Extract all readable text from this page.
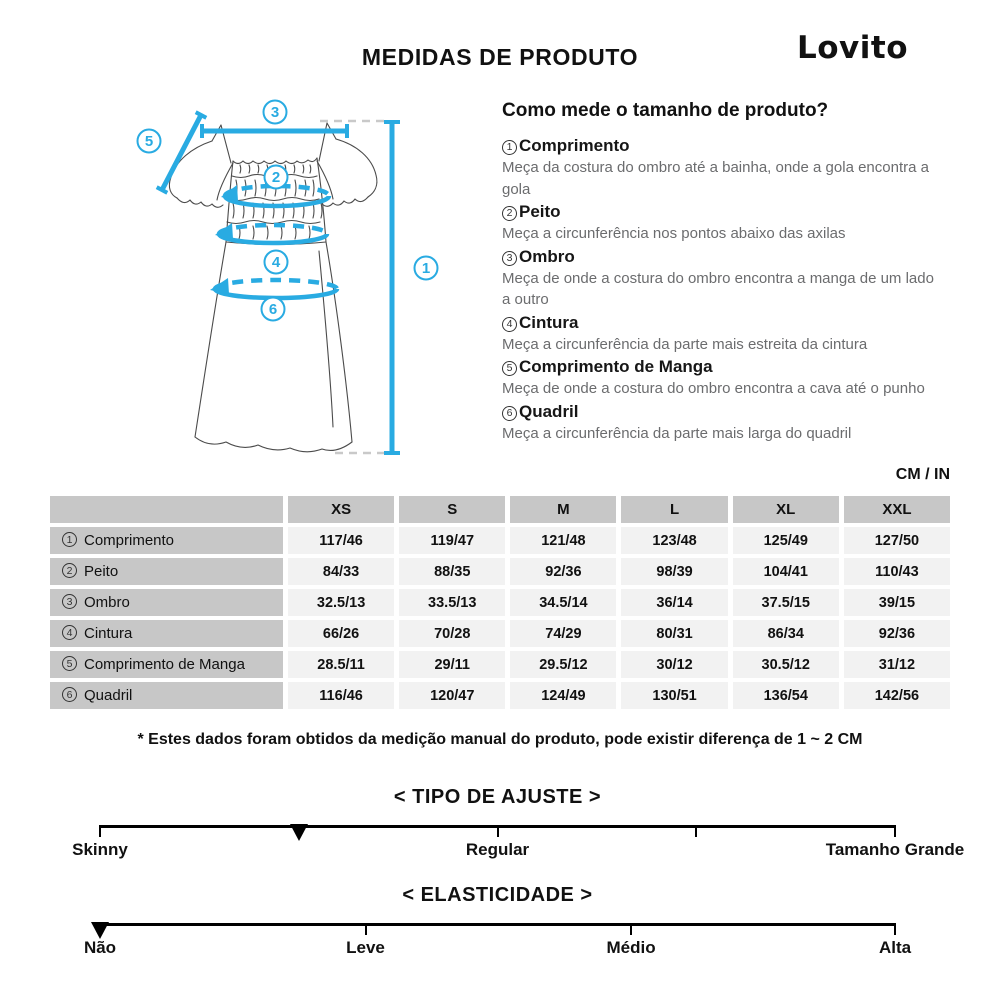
MEDIDAS DE PRODUTO	Lovito
1
2
3
4
5
6
Como mede o tamanho de produto?
1 Comprimento
Meça da costura do ombro até a bainha, onde a gola encontra a gola
2 Peito
Meça a circunferência nos pontos abaixo das axilas
3 Ombro
Meça de onde a costura do ombro encontra a manga de um lado a outro
4 Cintura
Meça a circunferência da parte mais estreita da cintura
5 Comprimento de Manga
Meça de onde a costura do ombro encontra a cava até o punho
6 Quadril
Meça a circunferência da parte mais larga do quadril
CM / IN
XS	S	M	L	XL	XXL
1 Comprimento	117/46	119/47	121/48	123/48	125/49	127/50
2 Peito	84/33	88/35	92/36	98/39	104/41	110/43
3 Ombro	32.5/13	33.5/13	34.5/14	36/14	37.5/15	39/15
4 Cintura	66/26	70/28	74/29	80/31	86/34	92/36
5 Comprimento de Manga	28.5/11	29/11	29.5/12	30/12	30.5/12	31/12
6 Quadril	116/46	120/47	124/49	130/51	136/54	142/56
* Estes dados foram obtidos da medição manual do produto, pode existir diferença de 1 ~ 2 CM
< TIPO DE AJUSTE >
Skinny	Regular	Tamanho Grande
< ELASTICIDADE >
Não	Leve	Médio	Alta
